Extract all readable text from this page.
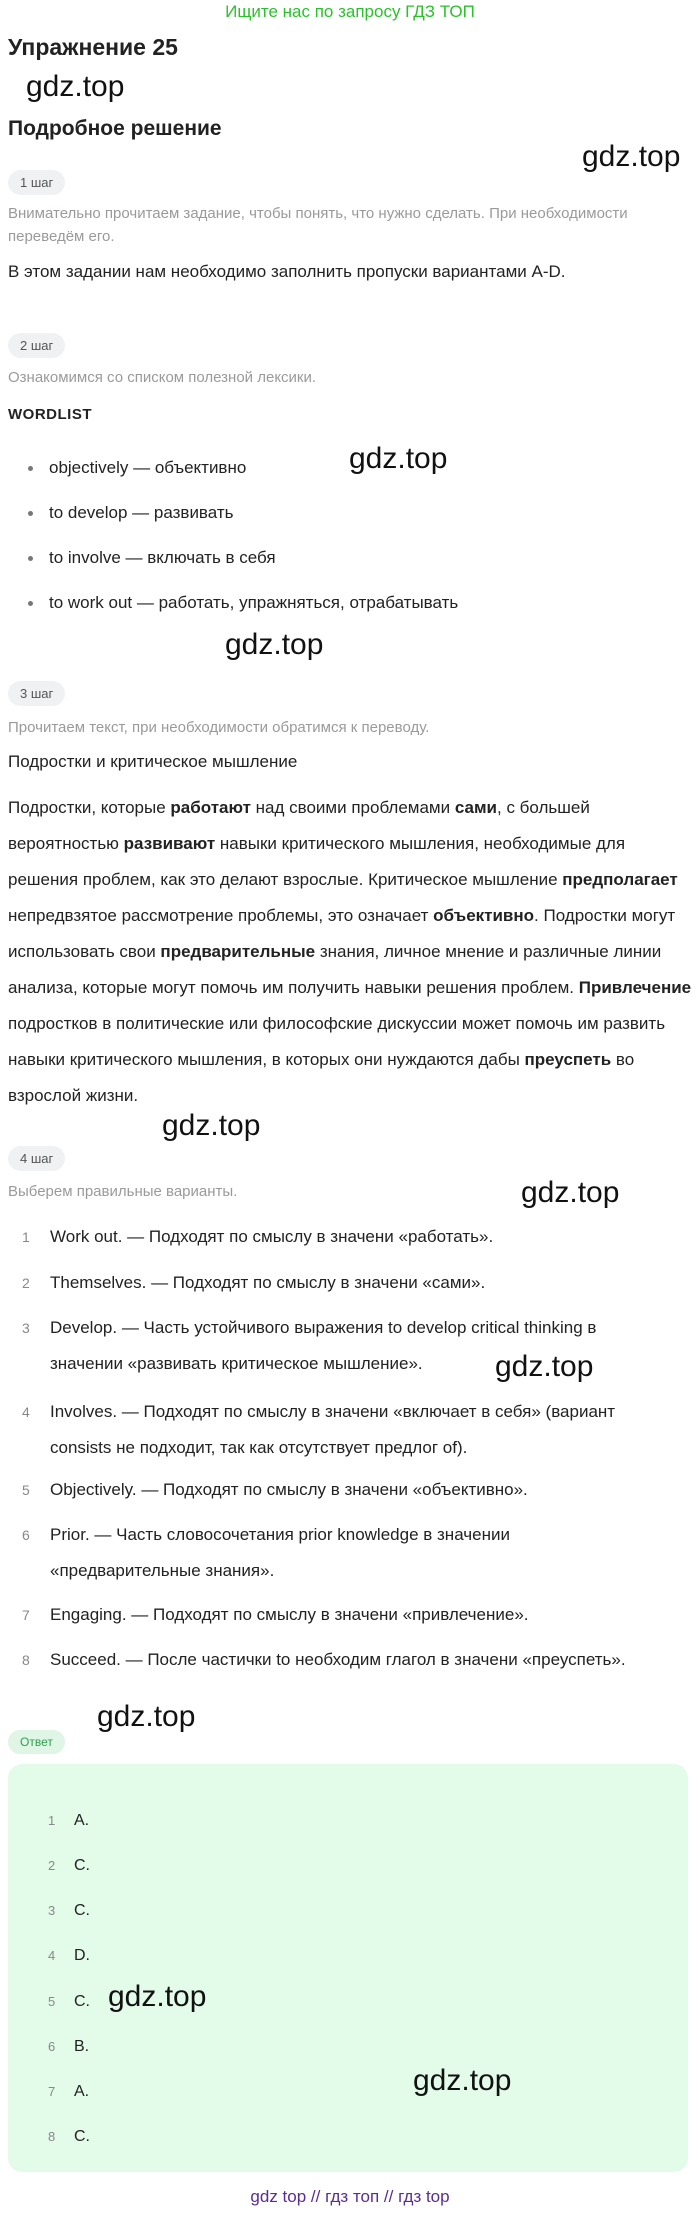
Ищите нас по запросу ГДЗ ТОП
Упражнение 25
gdz.top
Подробное решение
gdz.top
1 шаг
Внимательно прочитаем задание, чтобы понять, что нужно сделать. При необходимости
переведём его.
В этом задании нам необходимо заполнить пропуски вариантами A-D.
2 шаг
Ознакомимся со списком полезной лексики.
WORDLIST
objectively — объективно
to develop — развивать
to involve — включать в себя
to work out — работать, упражняться, отрабатывать
gdz.top
gdz.top
3 шаг
Прочитаем текст, при необходимости обратимся к переводу.
Подростки и критическое мышление
Подростки, которые работают над своими проблемами сами, с большей вероятностью развивают навыки критического мышления, необходимые для решения проблем, как это делают взрослые. Критическое мышление предполагает непредвзятое рассмотрение проблемы, это означает объективно. Подростки могут использовать свои предварительные знания, личное мнение и различные линии анализа, которые могут помочь им получить навыки решения проблем. Привлечение подростков в политические или философские дискуссии может помочь им развить навыки критического мышления, в которых они нуждаются дабы преуспеть во взрослой жизни.
gdz.top
4 шаг
Выберем правильные варианты.	gdz.top
1 Work out. — Подходят по смыслу в значени «работать».
2 Themselves. — Подходят по смыслу в значени «сами».
3 Develop. — Часть устойчивого выражения to develop critical thinking в
значении «развивать критическое мышление».	gdz.top
4 Involves. — Подходят по смыслу в значени «включает в себя» (вариант
consists не подходит, так как отсутствует предлог of).
5 Objectively. — Подходят по смыслу в значени «объективно».
6 Prior. — Часть словосочетания prior knowledge в значении
«предварительные знания».
7 Engaging. — Подходят по смыслу в значени «привлечение».
8 Succeed. — После частички to необходим глагол в значени «преуспеть».
gdz.top
Ответ
1 A.
2 C.
3 C.
4 D.
5 C.
6 B.
7 A.
8 C.
gdz.top
gdz.top
gdz top // гдз топ // гдз top
